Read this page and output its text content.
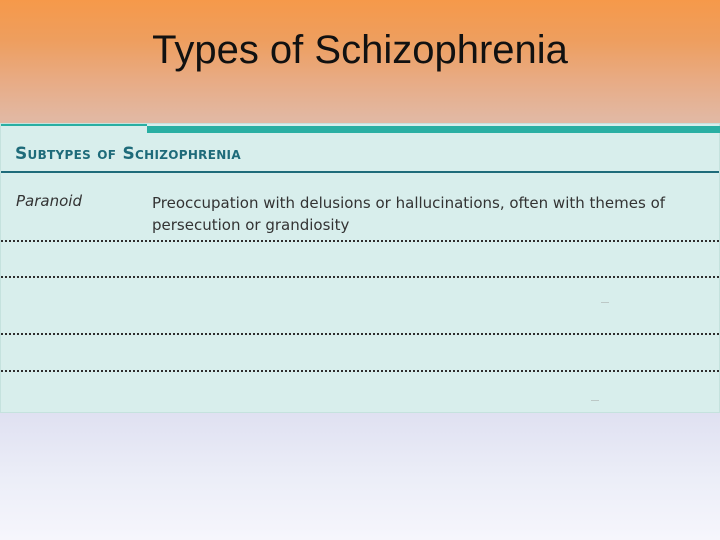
Types of Schizophrenia
Subtypes of Schizophrenia
Paranoid	Preoccupation with delusions or hallucinations, often with themes of persecution or grandiosity
